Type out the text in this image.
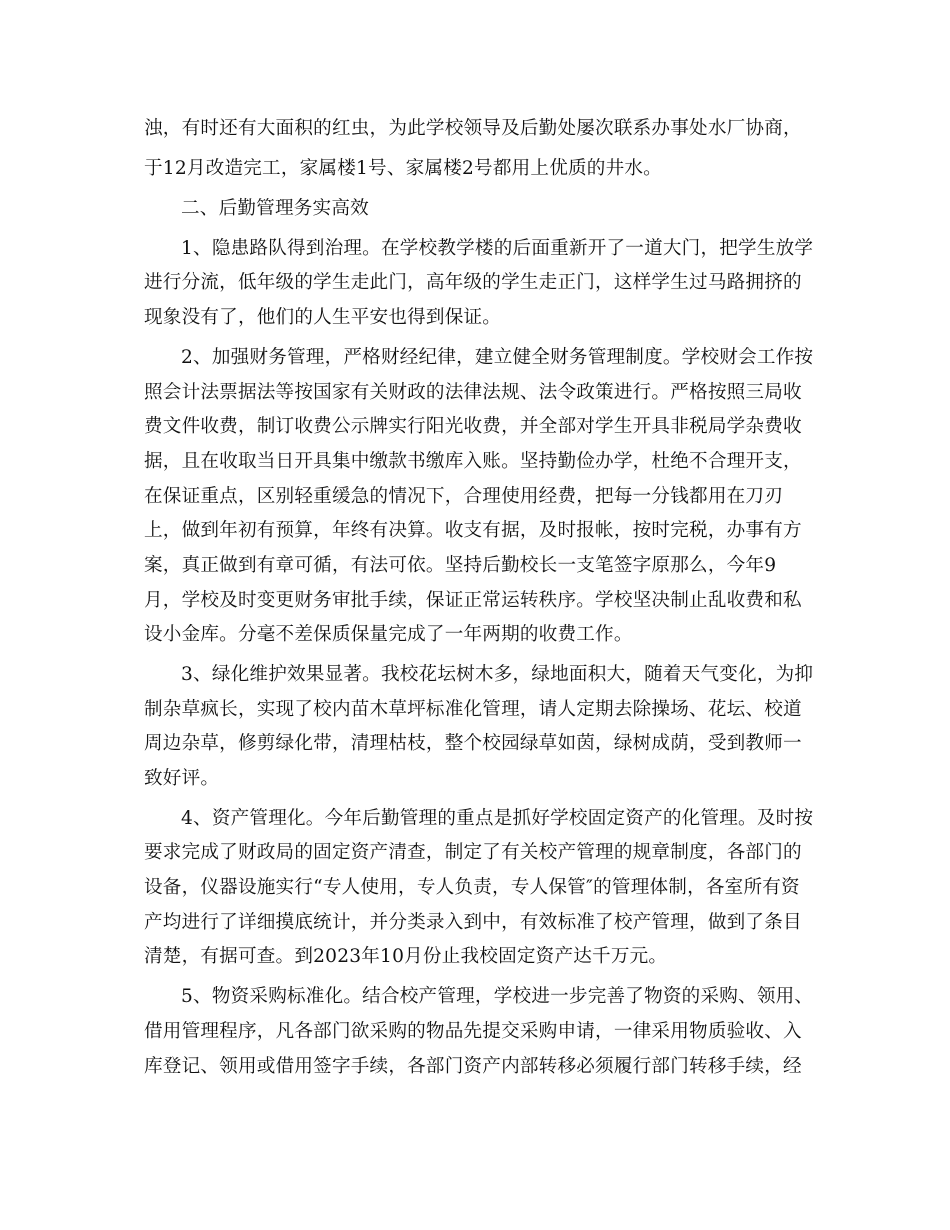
浊，有时还有大面积的红虫，为此学校领导及后勤处屡次联系办事处水厂协商，
于12月改造完工，家属楼1号、家属楼2号都用上优质的井水。
二、后勤管理务实高效
1、隐患路队得到治理。在学校教学楼的后面重新开了一道大门，把学生放学
进行分流，低年级的学生走此门，高年级的学生走正门，这样学生过马路拥挤的
现象没有了，他们的人生平安也得到保证。
2、加强财务管理，严格财经纪律，建立健全财务管理制度。学校财会工作按
照会计法票据法等按国家有关财政的法律法规、法令政策进行。严格按照三局收
费文件收费，制订收费公示牌实行阳光收费，并全部对学生开具非税局学杂费收
据，且在收取当日开具集中缴款书缴库入账。坚持勤俭办学，杜绝不合理开支，
在保证重点，区别轻重缓急的情况下，合理使用经费，把每一分钱都用在刀刃
上，做到年初有预算，年终有决算。收支有据，及时报帐，按时完税，办事有方
案，真正做到有章可循，有法可依。坚持后勤校长一支笔签字原那么，今年9
月，学校及时变更财务审批手续，保证正常运转秩序。学校坚决制止乱收费和私
设小金库。分毫不差保质保量完成了一年两期的收费工作。
3、绿化维护效果显著。我校花坛树木多，绿地面积大，随着天气变化，为抑
制杂草疯长，实现了校内苗木草坪标准化管理，请人定期去除操场、花坛、校道
周边杂草，修剪绿化带，清理枯枝，整个校园绿草如茵，绿树成荫，受到教师一
致好评。
4、资产管理化。今年后勤管理的重点是抓好学校固定资产的化管理。及时按
要求完成了财政局的固定资产清查，制定了有关校产管理的规章制度，各部门的
设备，仪器设施实行“专人使用，专人负责，专人保管″的管理体制，各室所有资
产均进行了详细摸底统计，并分类录入到中，有效标准了校产管理，做到了条目
清楚，有据可查。到2023年10月份止我校固定资产达千万元。
5、物资采购标准化。结合校产管理，学校进一步完善了物资的采购、领用、
借用管理程序，凡各部门欲采购的物品先提交采购申请，一律采用物质验收、入
库登记、领用或借用签字手续，各部门资产内部转移必须履行部门转移手续，经
